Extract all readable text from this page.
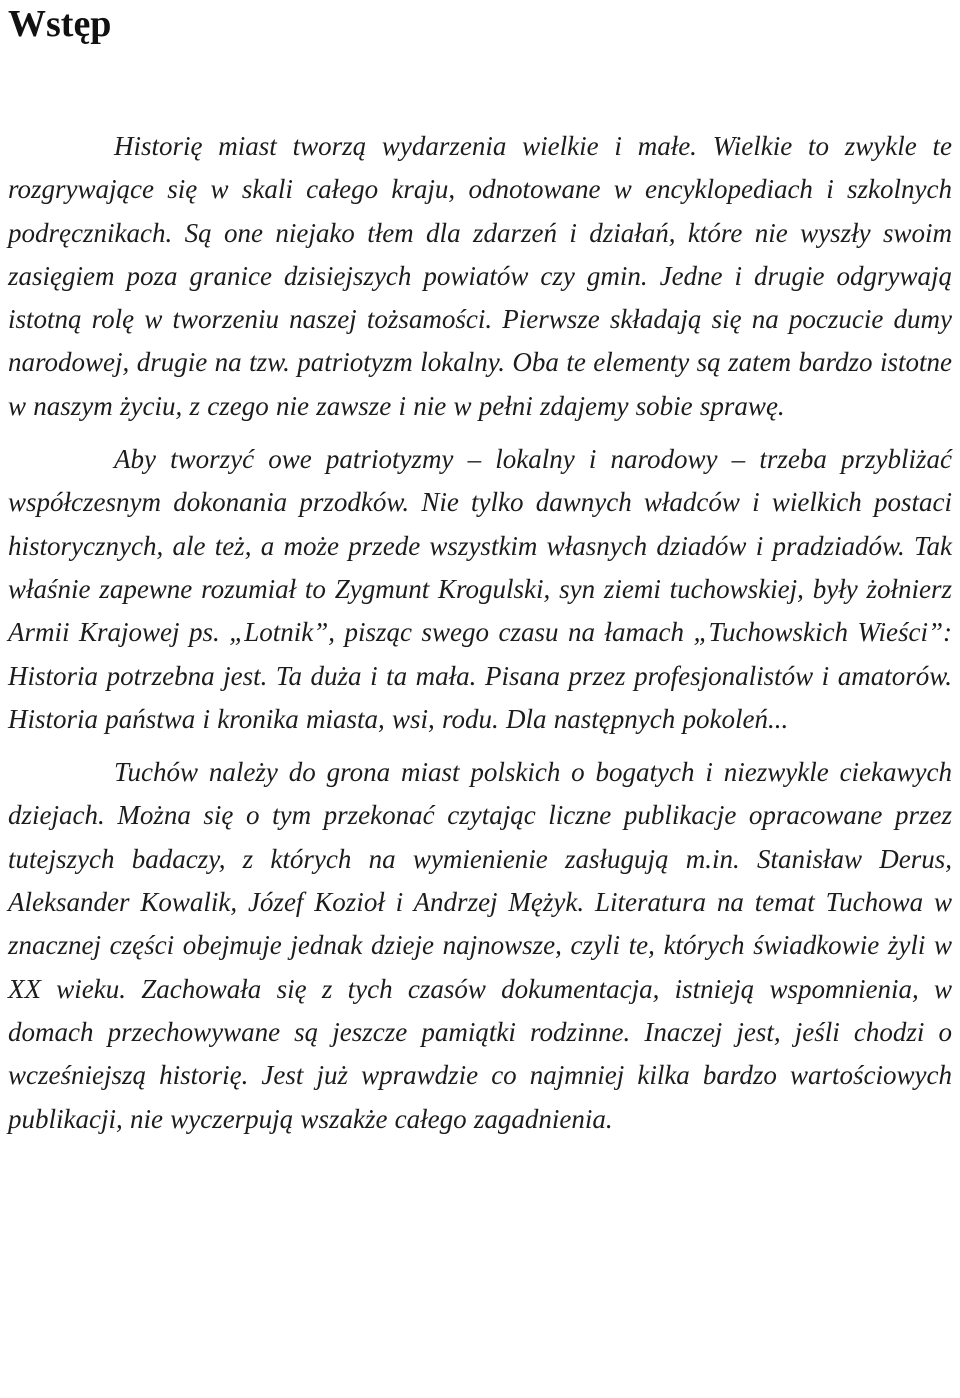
Wstęp

Historię miast tworzą wydarzenia wielkie i małe. Wielkie to zwykle te rozgrywające się w skali całego kraju, odnotowane w encyklopediach i szkolnych podręcznikach. Są one niejako tłem dla zdarzeń i działań, które nie wyszły swoim zasięgiem poza granice dzisiejszych powiatów czy gmin. Jedne i drugie odgrywają istotną rolę w tworzeniu naszej tożsamości. Pierwsze składają się na poczucie dumy narodowej, drugie na tzw. patriotyzm lokalny. Oba te elementy są zatem bardzo istotne w naszym życiu, z czego nie zawsze i nie w pełni zdajemy sobie sprawę.

Aby tworzyć owe patriotyzmy – lokalny i narodowy – trzeba przybliżać współczesnym dokonania przodków. Nie tylko dawnych władców i wielkich postaci historycznych, ale też, a może przede wszystkim własnych dziadów i pradziadów. Tak właśnie zapewne rozumiał to Zygmunt Krogulski, syn ziemi tuchowskiej, były żołnierz Armii Krajowej ps. „Lotnik”, pisząc swego czasu na łamach „Tuchowskich Wieści”: Historia potrzebna jest. Ta duża i ta mała. Pisana przez profesjonalistów i amatorów. Historia państwa i kronika miasta, wsi, rodu. Dla następnych pokoleń...

Tuchów należy do grona miast polskich o bogatych i niezwykle ciekawych dziejach. Można się o tym przekonać czytając liczne publikacje opracowane przez tutejszych badaczy, z których na wymienienie zasługują m.in. Stanisław Derus, Aleksander Kowalik, Józef Kozioł i Andrzej Mężyk. Literatura na temat Tuchowa w znacznej części obejmuje jednak dzieje najnowsze, czyli te, których świadkowie żyli w XX wieku. Zachowała się z tych czasów dokumentacja, istnieją wspomnienia, w domach przechowywane są jeszcze pamiątki rodzinne. Inaczej jest, jeśli chodzi o wcześniejszą historię. Jest już wprawdzie co najmniej kilka bardzo wartościowych publikacji, nie wyczerpują wszakże całego zagadnienia.
